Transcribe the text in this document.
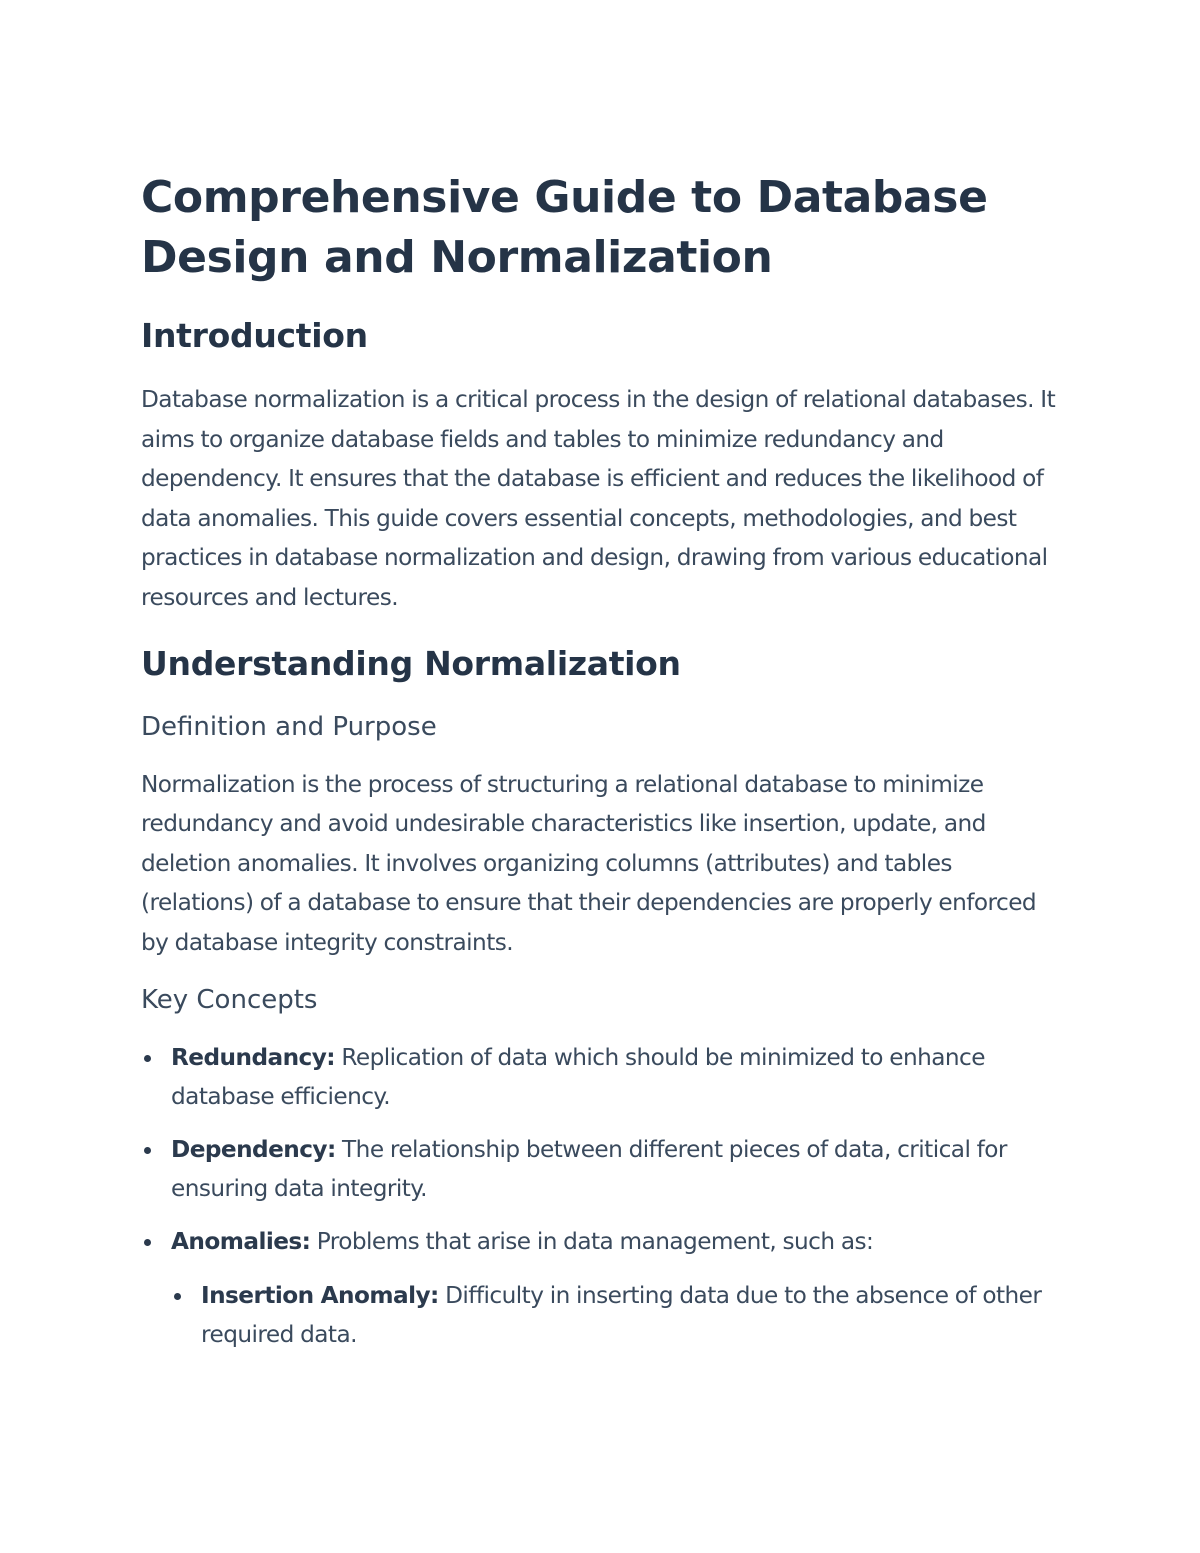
Comprehensive Guide to Database Design and Normalization
Introduction

Database normalization is a critical process in the design of relational databases. It aims to organize database fields and tables to minimize redundancy and dependency. It ensures that the database is efficient and reduces the likelihood of data anomalies. This guide covers essential concepts, methodologies, and best practices in database normalization and design, drawing from various educational resources and lectures.

Understanding Normalization
Definition and Purpose

Normalization is the process of structuring a relational database to minimize redundancy and avoid undesirable characteristics like insertion, update, and deletion anomalies. It involves organizing columns (attributes) and tables (relations) of a database to ensure that their dependencies are properly enforced by database integrity constraints.

Key Concepts
Redundancy: Replication of data which should be minimized to enhance database efficiency.
Dependency: The relationship between different pieces of data, critical for ensuring data integrity.
Anomalies: Problems that arise in data management, such as:
Insertion Anomaly: Difficulty in inserting data due to the absence of other required data.
